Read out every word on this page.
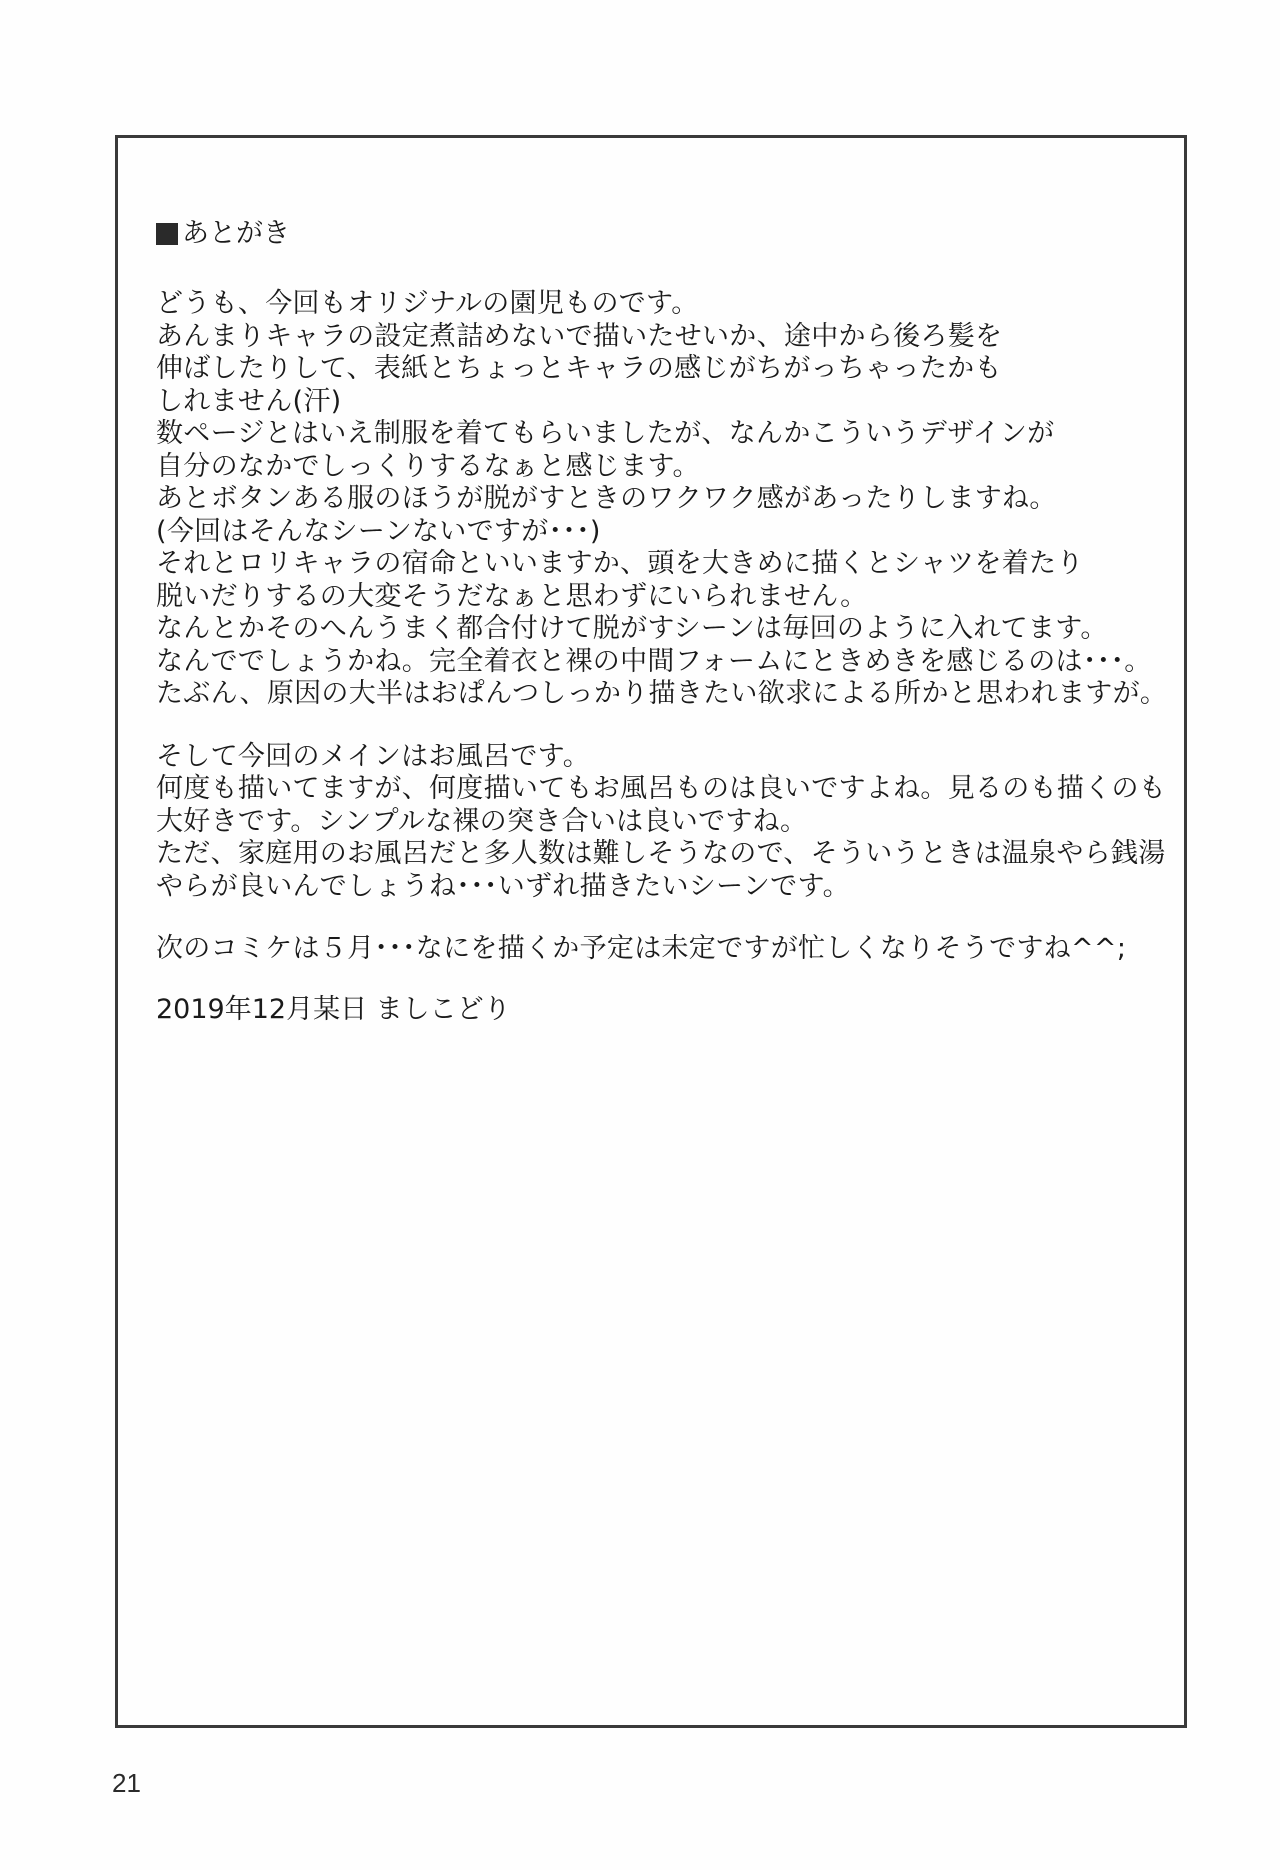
あとがき
どうも、今回もオリジナルの園児ものです。
あんまりキャラの設定煮詰めないで描いたせいか、途中から後ろ髪を
伸ばしたりして、表紙とちょっとキャラの感じがちがっちゃったかも
しれません(汗)
数ページとはいえ制服を着てもらいましたが、なんかこういうデザインが
自分のなかでしっくりするなぁと感じます。
あとボタンある服のほうが脱がすときのワクワク感があったりしますね。
(今回はそんなシーンないですが･･･)
それとロリキャラの宿命といいますか、頭を大きめに描くとシャツを着たり
脱いだりするの大変そうだなぁと思わずにいられません。
なんとかそのへんうまく都合付けて脱がすシーンは毎回のように入れてます。
なんででしょうかね。完全着衣と裸の中間フォームにときめきを感じるのは･･･。
たぶん、原因の大半はおぱんつしっかり描きたい欲求による所かと思われますが。
そして今回のメインはお風呂です。
何度も描いてますが、何度描いてもお風呂ものは良いですよね。見るのも描くのも
大好きです。シンプルな裸の突き合いは良いですね。
ただ、家庭用のお風呂だと多人数は難しそうなので、そういうときは温泉やら銭湯
やらが良いんでしょうね･･･いずれ描きたいシーンです。
次のコミケは５月･･･なにを描くか予定は未定ですが忙しくなりそうですね^^;
2019年12月某日 ましこどり
21
